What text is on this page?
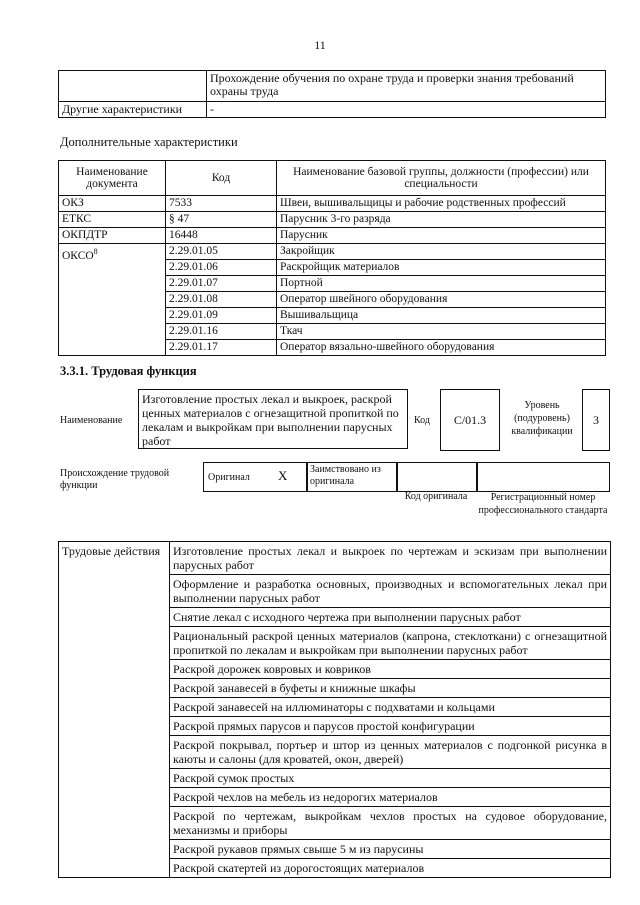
11
	Прохождение обучения по охране труда и проверки знания требований охраны труда
Другие характеристики	-
Дополнительные характеристики
Наименование документа	Код	Наименование базовой группы, должности (профессии) или специальности
ОКЗ	7533	Швеи, вышивальщицы и рабочие родственных профессий
ЕТКС	§ 47	Парусник 3-го разряда
ОКПДТР	16448	Парусник
ОКСО$^8$	2.29.01.05	Закройщик
	2.29.01.06	Раскройщик материалов
	2.29.01.07	Портной
	2.29.01.08	Оператор швейного оборудования
	2.29.01.09	Вышивальщица
	2.29.01.16	Ткач
	2.29.01.17	Оператор вязально-швейного оборудования
3.3.1. Трудовая функция
Наименование
Изготовление простых лекал и выкроек, раскрой ценных материалов с огнезащитной пропиткой по лекалам и выкройкам при выполнении парусных работ
Код	C/01.3
Уровень (подуровень) квалификации
3
Происхождение трудовой функции
Оригинал X Заимствовано из оригинала
Код оригинала	Регистрационный номер профессионального стандарта
Трудовые действия	Изготовление простых лекал и выкроек по чертежам и эскизам при выполнении парусных работ
Оформление и разработка основных, производных и вспомогательных лекал при выполнении парусных работ
Снятие лекал с исходного чертежа при выполнении парусных работ
Рациональный раскрой ценных материалов (капрона, стеклоткани) с огнезащитной пропиткой по лекалам и выкройкам при выполнении парусных работ
Раскрой дорожек ковровых и ковриков
Раскрой занавесей в буфеты и книжные шкафы
Раскрой занавесей на иллюминаторы с подхватами и кольцами
Раскрой прямых парусов и парусов простой конфигурации
Раскрой покрывал, портьер и штор из ценных материалов с подгонкой рисунка в каюты и салоны (для кроватей, окон, дверей)
Раскрой сумок простых
Раскрой чехлов на мебель из недорогих материалов
Раскрой по чертежам, выкройкам чехлов простых на судовое оборудование, механизмы и приборы
Раскрой рукавов прямых свыше 5 м из парусины
Раскрой скатертей из дорогостоящих материалов
